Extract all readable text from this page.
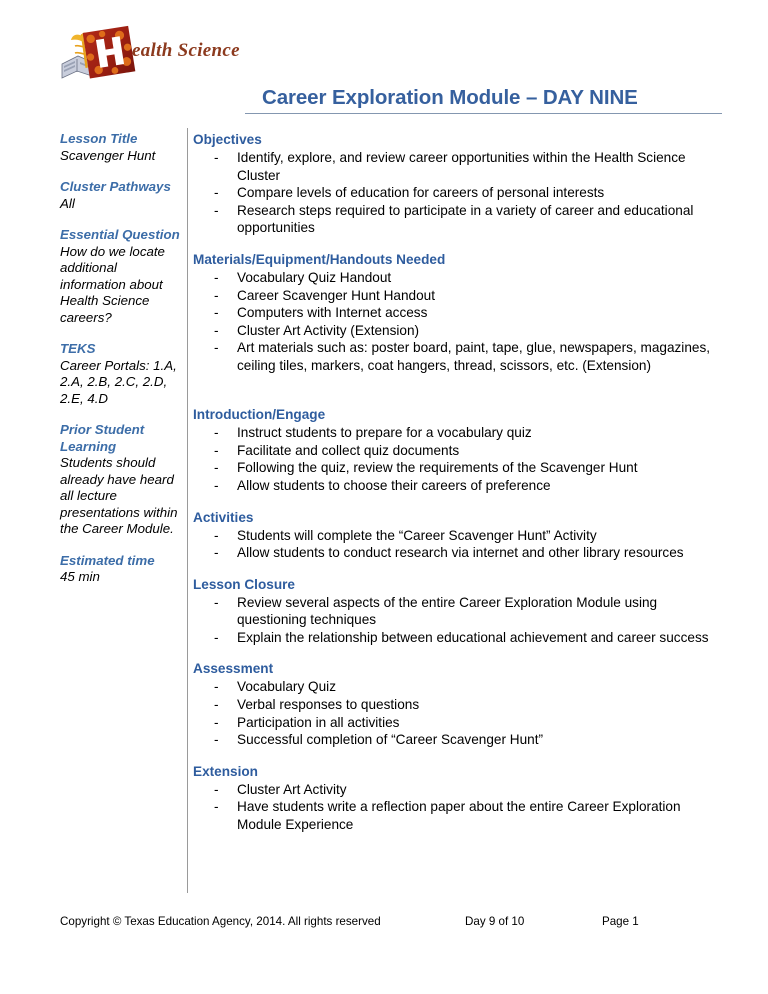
ealth Science
Career Exploration Module – DAY NINE
Lesson Title
Scavenger Hunt
Cluster Pathways
All
Essential Question
How do we locate additional information about Health Science careers?
TEKS
Career Portals: 1.A, 2.A, 2.B, 2.C, 2.D, 2.E, 4.D
Prior Student Learning
Students should already have heard all lecture presentations within the Career Module.
Estimated time
45 min
Objectives
- Identify, explore, and review career opportunities within the Health Science Cluster
- Compare levels of education for careers of personal interests
- Research steps required to participate in a variety of career and educational opportunities
Materials/Equipment/Handouts Needed
- Vocabulary Quiz Handout
- Career Scavenger Hunt Handout
- Computers with Internet access
- Cluster Art Activity (Extension)
- Art materials such as: poster board, paint, tape, glue, newspapers, magazines, ceiling tiles, markers, coat hangers, thread, scissors, etc. (Extension)
Introduction/Engage
- Instruct students to prepare for a vocabulary quiz
- Facilitate and collect quiz documents
- Following the quiz, review the requirements of the Scavenger Hunt
- Allow students to choose their careers of preference
Activities
- Students will complete the “Career Scavenger Hunt” Activity
- Allow students to conduct research via internet and other library resources
Lesson Closure
- Review several aspects of the entire Career Exploration Module using questioning techniques
- Explain the relationship between educational achievement and career success
Assessment
- Vocabulary Quiz
- Verbal responses to questions
- Participation in all activities
- Successful completion of “Career Scavenger Hunt”
Extension
- Cluster Art Activity
- Have students write a reflection paper about the entire Career Exploration Module Experience
Copyright © Texas Education Agency, 2014. All rights reserved	Day 9 of 10	Page 1
